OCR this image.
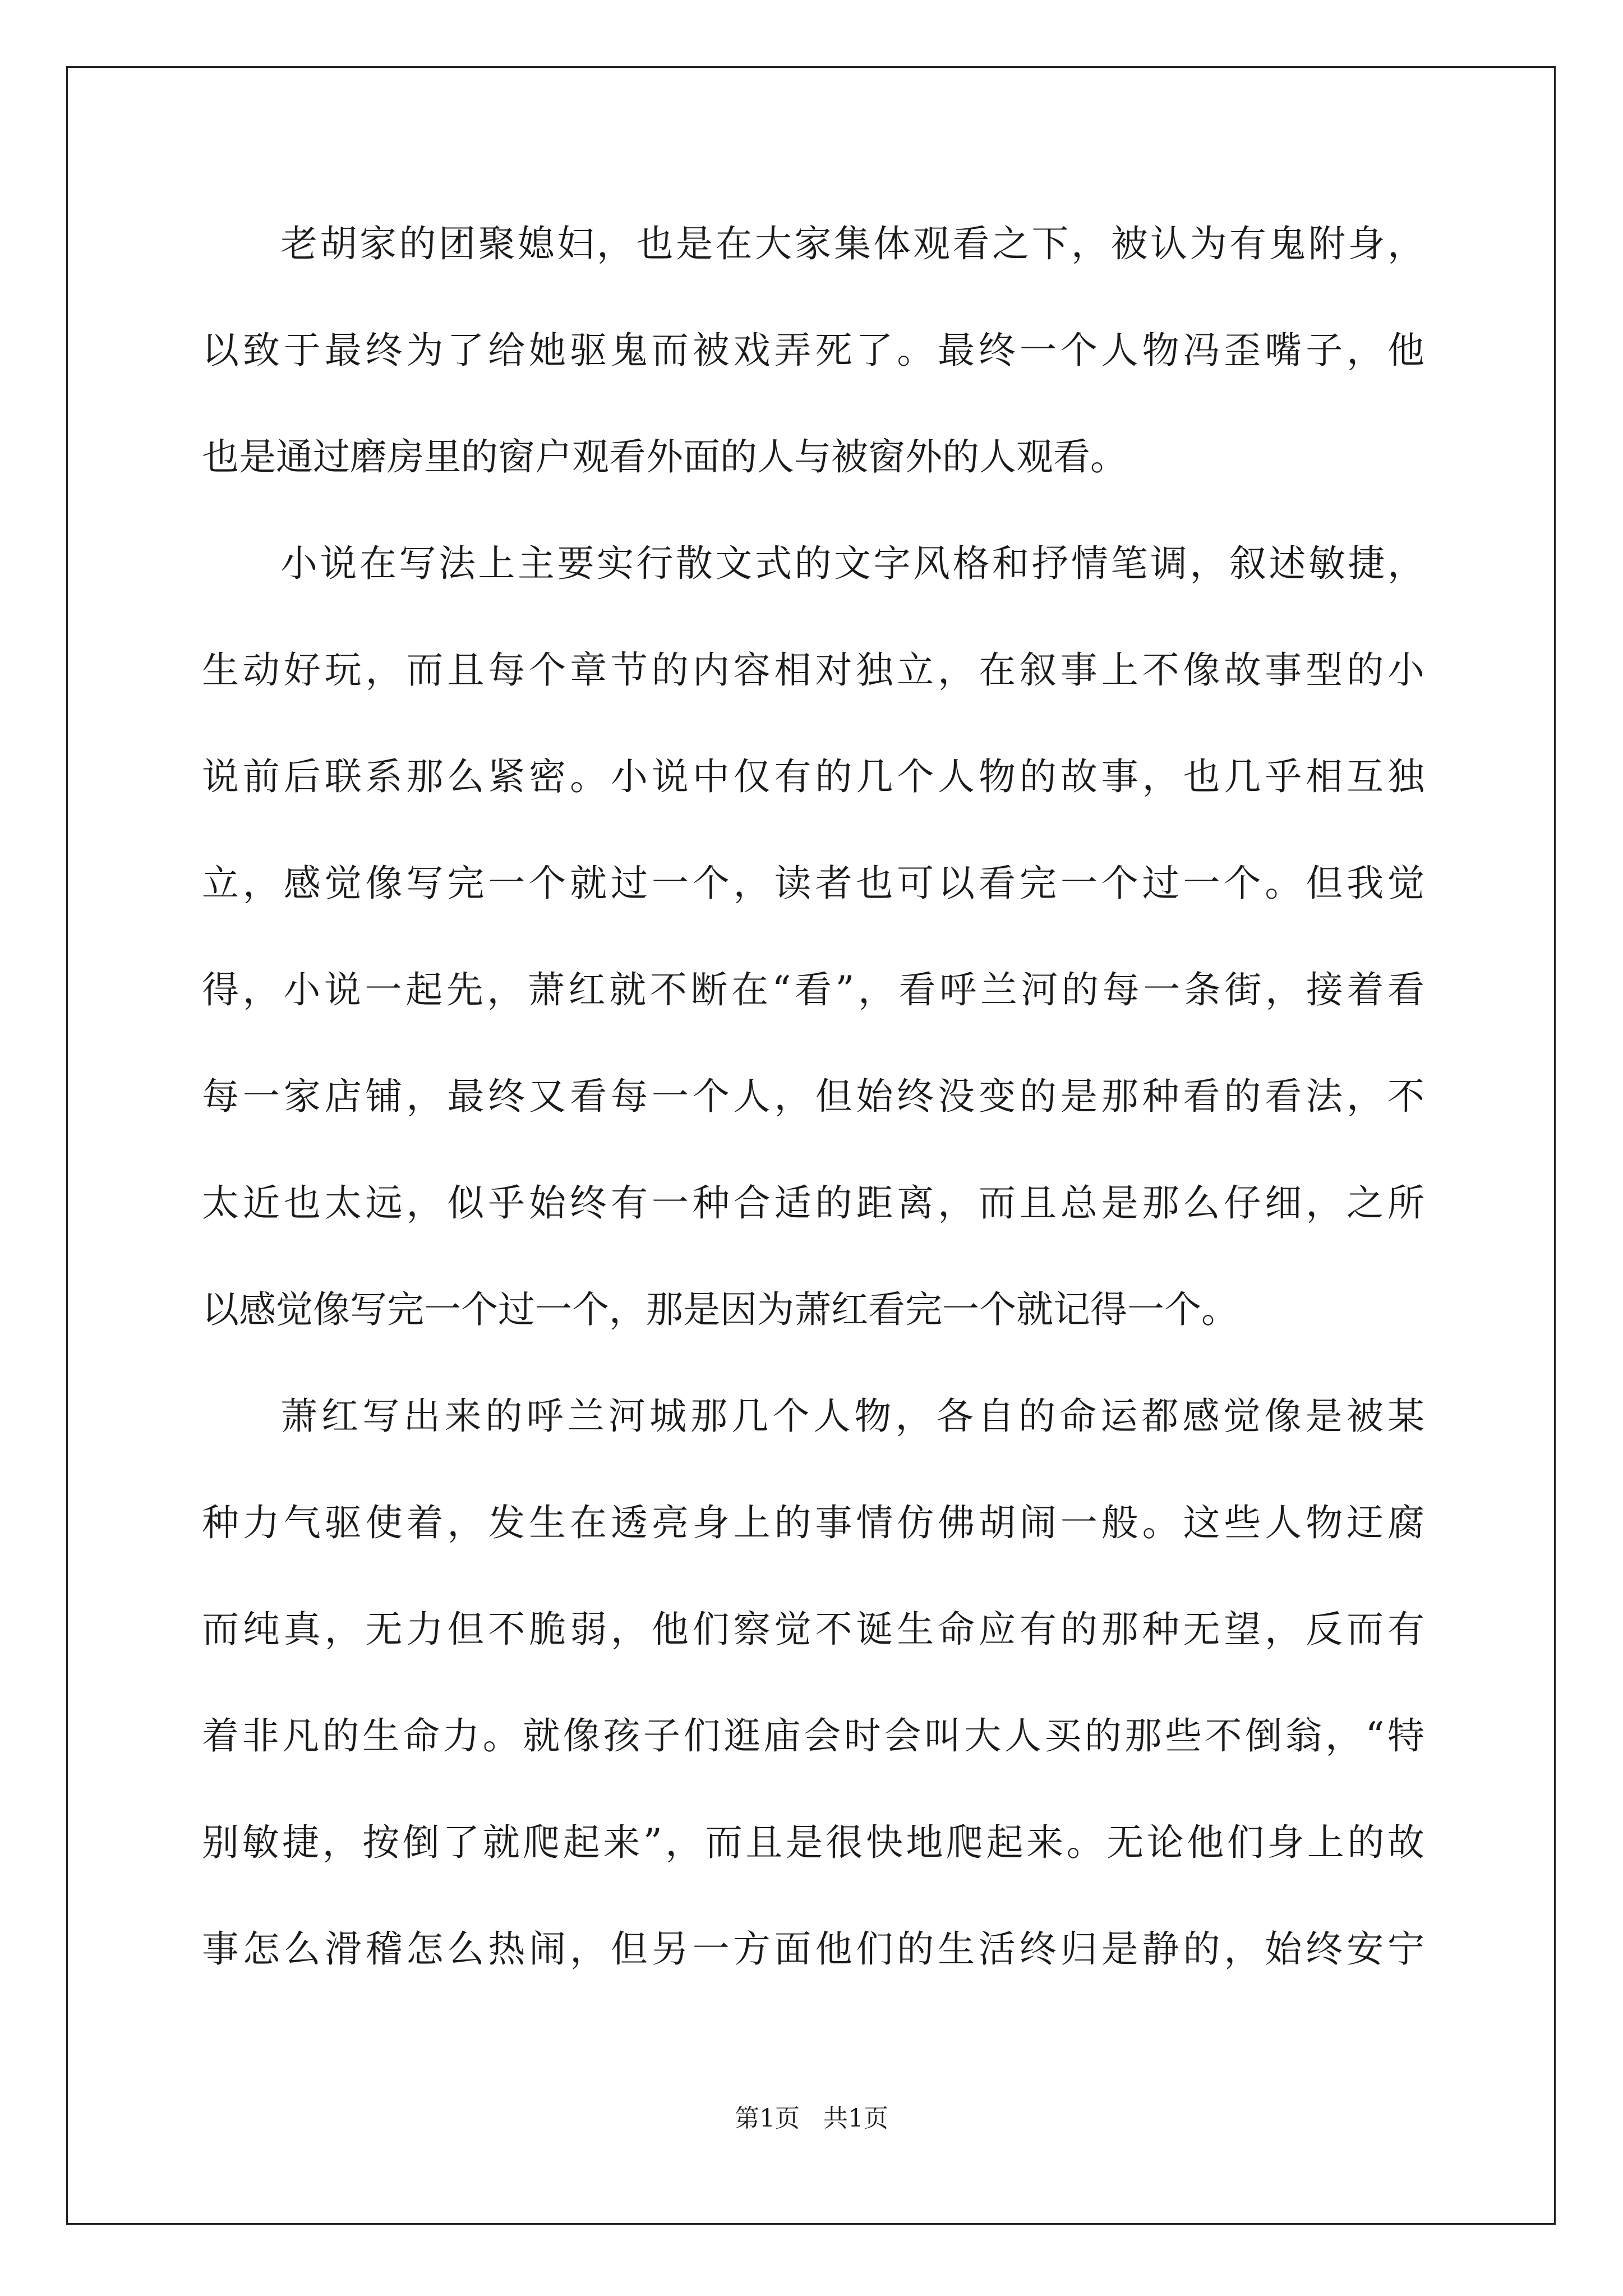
老胡家的团聚媳妇，也是在大家集体观看之下，被认为有鬼附身，
以致于最终为了给她驱鬼而被戏弄死了。最终一个人物冯歪嘴子，他
也是通过磨房里的窗户观看外面的人与被窗外的人观看。
小说在写法上主要实行散文式的文字风格和抒情笔调，叙述敏捷，
生动好玩，而且每个章节的内容相对独立，在叙事上不像故事型的小
说前后联系那么紧密。小说中仅有的几个人物的故事，也几乎相互独
立，感觉像写完一个就过一个，读者也可以看完一个过一个。但我觉
得，小说一起先，萧红就不断在“看”，看呼兰河的每一条街，接着看
每一家店铺，最终又看每一个人，但始终没变的是那种看的看法，不
太近也太远，似乎始终有一种合适的距离，而且总是那么仔细，之所
以感觉像写完一个过一个，那是因为萧红看完一个就记得一个。
萧红写出来的呼兰河城那几个人物，各自的命运都感觉像是被某
种力气驱使着，发生在透亮身上的事情仿佛胡闹一般。这些人物迂腐
而纯真，无力但不脆弱，他们察觉不诞生命应有的那种无望，反而有
着非凡的生命力。就像孩子们逛庙会时会叫大人买的那些不倒翁，“特
别敏捷，按倒了就爬起来”，而且是很快地爬起来。无论他们身上的故
事怎么滑稽怎么热闹，但另一方面他们的生活终归是静的，始终安宁
第1页 共1页
